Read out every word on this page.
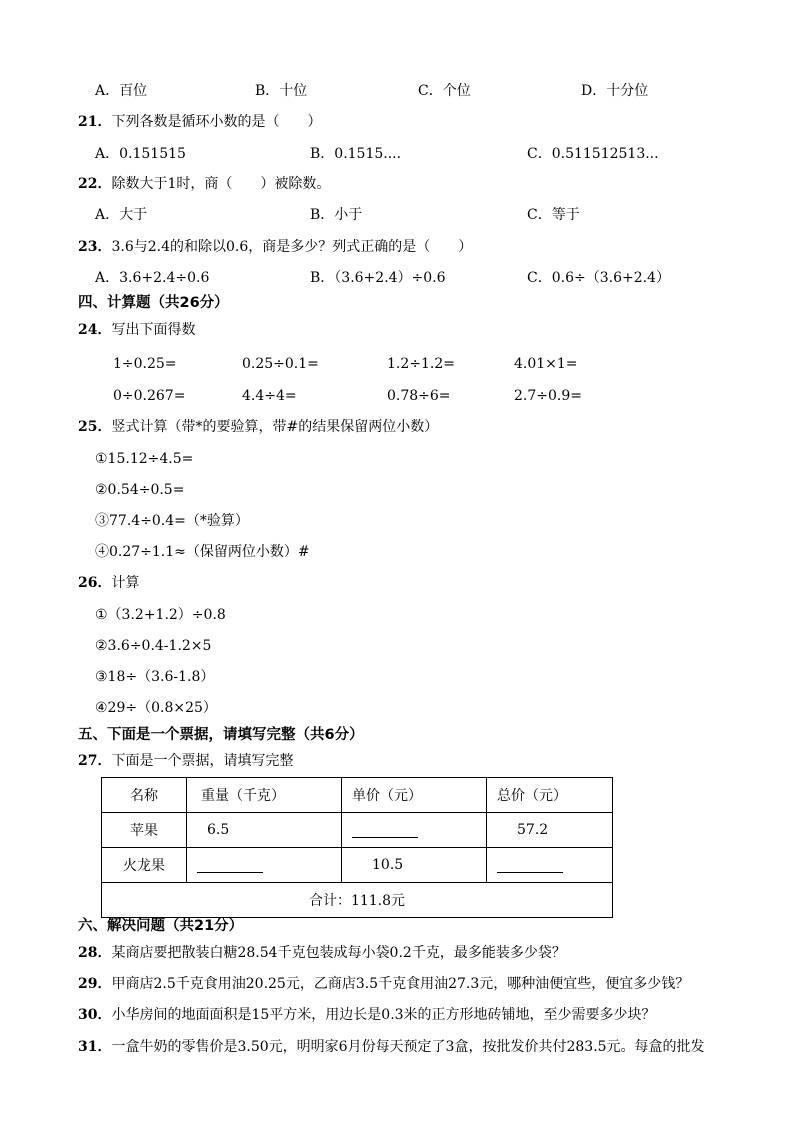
A．百位	B．十位	C．个位	D．十分位
21．下列各数是循环小数的是（　　）
A．0.151515	B．0.1515....	C．0.511512513...
22．除数大于1时，商（　　）被除数。
A．大于	B．小于	C．等于
23．3.6与2.4的和除以0.6，商是多少？列式正确的是（　　）
A．3.6+2.4÷0.6	B．（3.6+2.4）÷0.6	C．0.6÷（3.6+2.4）
四、计算题（共26分）
24．写出下面得数
1÷0.25=	0.25÷0.1=	1.2÷1.2=	4.01×1=
0÷0.267=	4.4÷4=	0.78÷6=	2.7÷0.9=
25．竖式计算（带*的要验算，带#的结果保留两位小数）
①15.12÷4.5=
②0.54÷0.5=
③77.4÷0.4=（*验算）
④0.27÷1.1≈（保留两位小数）#
26．计算
①（3.2+1.2）÷0.8
②3.6÷0.4-1.2×5
③18÷（3.6-1.8）
④29÷（0.8×25）
五、下面是一个票据，请填写完整（共6分）
27．下面是一个票据，请填写完整
名称	重量（千克）	单价（元）	总价（元）
苹果	6.5		57.2
火龙果		10.5	
合计：111.8元			
六、解决问题（共21分）
28．某商店要把散装白糖28.54千克包装成每小袋0.2千克，最多能装多少袋？
29．甲商店2.5千克食用油20.25元，乙商店3.5千克食用油27.3元，哪种油便宜些，便宜多少钱？
30．小华房间的地面面积是15平方米，用边长是0.3米的正方形地砖铺地，至少需要多少块？
31．一盒牛奶的零售价是3.50元，明明家6月份每天预定了3盒，按批发价共付283.5元。每盒的批发
